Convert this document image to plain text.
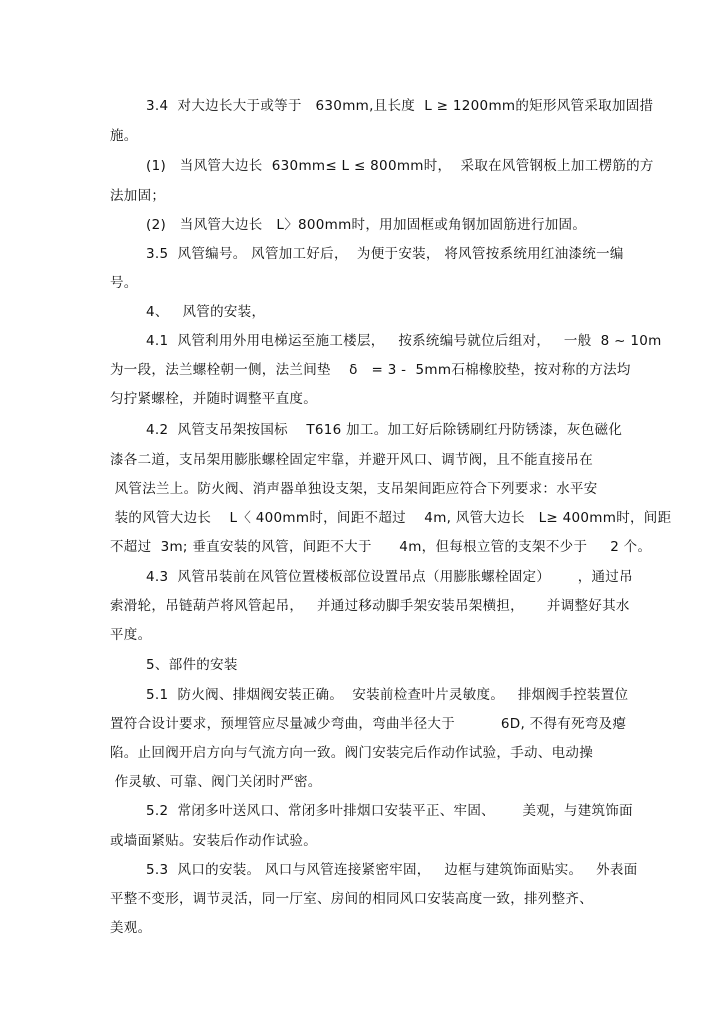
3.4  对大边长大于或等于   630mm,且长度  L ≥ 1200mm的矩形风管采取加固措
施。
(1)   当风管大边长  630mm≤ L ≤ 800mm时，  采取在风管钢板上加工楞筋的方
法加固；
(2)   当风管大边长   L〉800mm时，用加固框或角钢加固筋进行加固。
3.5  风管编号。 风管加工好后，  为便于安装， 将风管按系统用红油漆统一编
号。
4、   风管的安装，
4.1  风管利用外用电梯运至施工楼层，   按系统编号就位后组对，   一般  8 ~ 10m
为一段，法兰螺栓朝一侧，法兰间垫    δ   = 3 -  5mm石棉橡胶垫，按对称的方法均
匀拧紧螺栓，并随时调整平直度。
4.2  风管支吊架按国标    T616 加工。加工好后除锈刷红丹防锈漆，灰色磁化
漆各二道，支吊架用膨胀螺栓固定牢靠，并避开风口、调节阀，且不能直接吊在
风管法兰上。防火阀、消声器单独设支架，支吊架间距应符合下列要求：水平安
装的风管大边长    L〈 400mm时，间距不超过    4m, 风管大边长   L≥ 400mm时，间距
不超过  3m; 垂直安装的风管，间距不大于      4m，但每根立管的支架不少于     2 个。
4.3  风管吊装前在风管位置楼板部位设置吊点（用膨胀螺栓固定）      ，通过吊
索滑轮，吊链葫芦将风管起吊，   并通过移动脚手架安装吊架横担，     并调整好其水
平度。
5、部件的安装
5.1  防火阀、排烟阀安装正确。  安装前检查叶片灵敏度。   排烟阀手控装置位
置符合设计要求，预埋管应尽量减少弯曲，弯曲半径大于          6D, 不得有死弯及瘪
陷。止回阀开启方向与气流方向一致。阀门安装完后作动作试验，手动、电动操
作灵敏、可靠、阀门关闭时严密。
5.2  常闭多叶送风口、常闭多叶排烟口安装平正、牢固、      美观，与建筑饰面
或墙面紧贴。安装后作动作试验。
5.3  风口的安装。 风口与风管连接紧密牢固，   边框与建筑饰面贴实。   外表面
平整不变形，调节灵活，同一厅室、房间的相同风口安装高度一致，排列整齐、
美观。
